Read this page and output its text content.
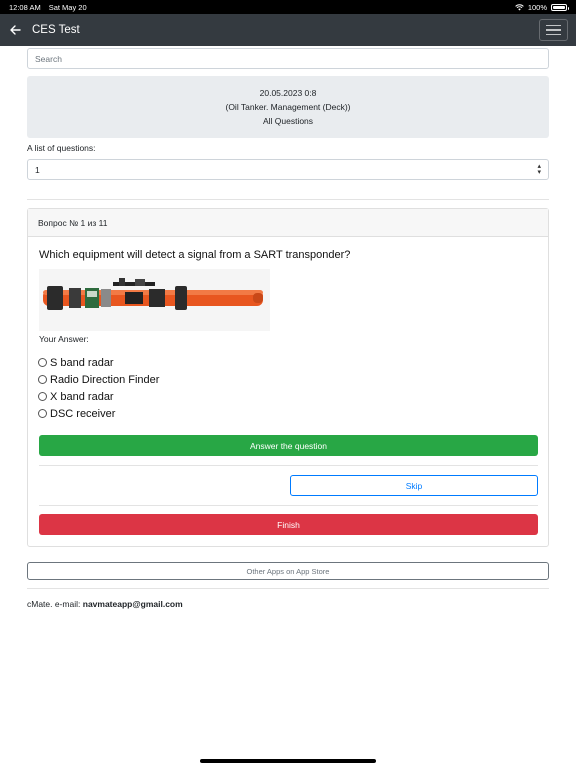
12:08 AM Sat May 20	100%
CES Test
Search
20.05.2023 0:8
(Oil Tanker. Management (Deck))
All Questions
A list of questions:
1	▴
▾
Вопрос № 1 из 11
Which equipment will detect a signal from a SART transponder?
Your Answer:
S band radar
Radio Direction Finder
X band radar
DSC receiver
Answer the question
Skip
Finish
Other Apps on App Store
cMate. e-mail: navmateapp@gmail.com
